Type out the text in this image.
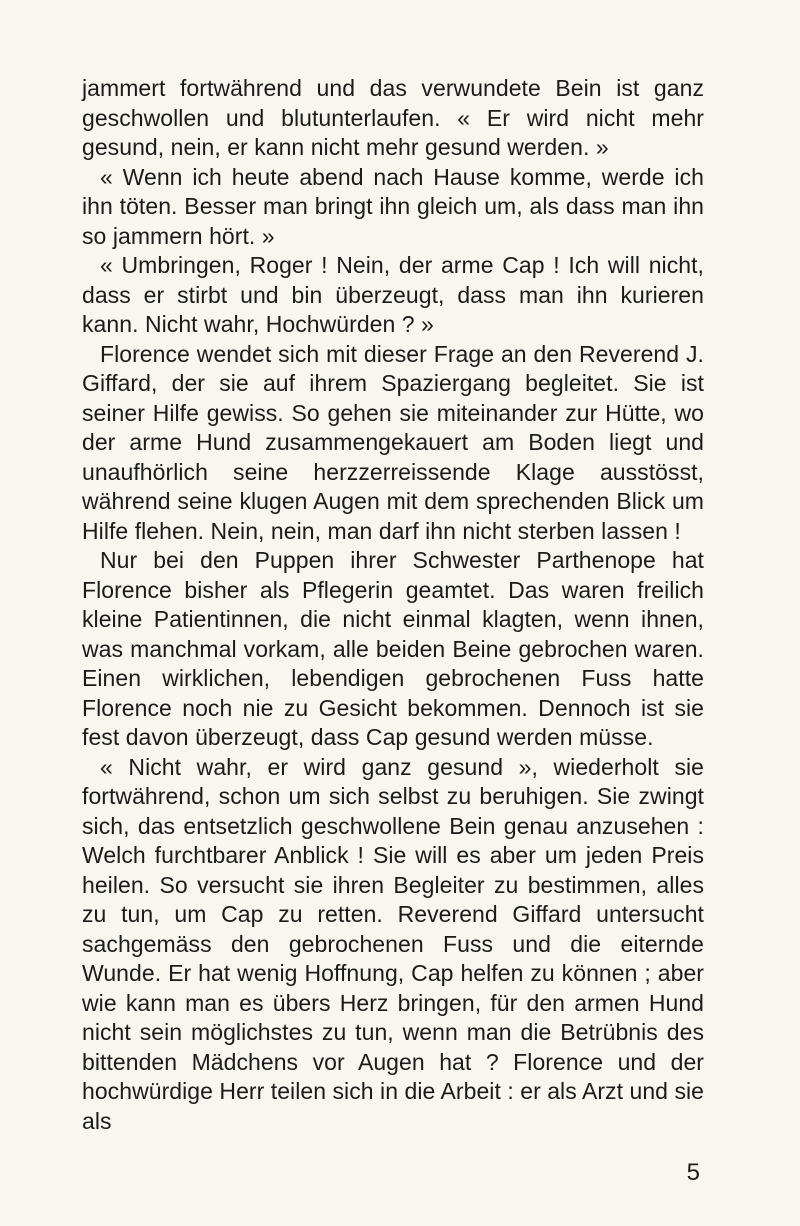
jammert fortwährend und das verwundete Bein ist ganz geschwollen und blutunterlaufen. « Er wird nicht mehr gesund, nein, er kann nicht mehr gesund werden. »

« Wenn ich heute abend nach Hause komme, werde ich ihn töten. Besser man bringt ihn gleich um, als dass man ihn so jammern hört. »

« Umbringen, Roger ! Nein, der arme Cap ! Ich will nicht, dass er stirbt und bin überzeugt, dass man ihn kurieren kann. Nicht wahr, Hochwürden ? »

Florence wendet sich mit dieser Frage an den Reverend J. Giffard, der sie auf ihrem Spaziergang begleitet. Sie ist seiner Hilfe gewiss. So gehen sie miteinander zur Hütte, wo der arme Hund zusammengekauert am Boden liegt und unaufhörlich seine herzzerreissende Klage ausstösst, während seine klugen Augen mit dem sprechenden Blick um Hilfe flehen. Nein, nein, man darf ihn nicht sterben lassen !

Nur bei den Puppen ihrer Schwester Parthenope hat Florence bisher als Pflegerin geamtet. Das waren freilich kleine Patientinnen, die nicht einmal klagten, wenn ihnen, was manchmal vorkam, alle beiden Beine gebrochen waren. Einen wirklichen, lebendigen gebrochenen Fuss hatte Florence noch nie zu Gesicht bekommen. Dennoch ist sie fest davon überzeugt, dass Cap gesund werden müsse.

« Nicht wahr, er wird ganz gesund », wiederholt sie fortwährend, schon um sich selbst zu beruhigen. Sie zwingt sich, das entsetzlich geschwollene Bein genau anzusehen : Welch furchtbarer Anblick ! Sie will es aber um jeden Preis heilen. So versucht sie ihren Begleiter zu bestimmen, alles zu tun, um Cap zu retten. Reverend Giffard untersucht sachgemäss den gebrochenen Fuss und die eiternde Wunde. Er hat wenig Hoffnung, Cap helfen zu können ; aber wie kann man es übers Herz bringen, für den armen Hund nicht sein möglichstes zu tun, wenn man die Betrübnis des bittenden Mädchens vor Augen hat ? Florence und der hochwürdige Herr teilen sich in die Arbeit : er als Arzt und sie als

5
